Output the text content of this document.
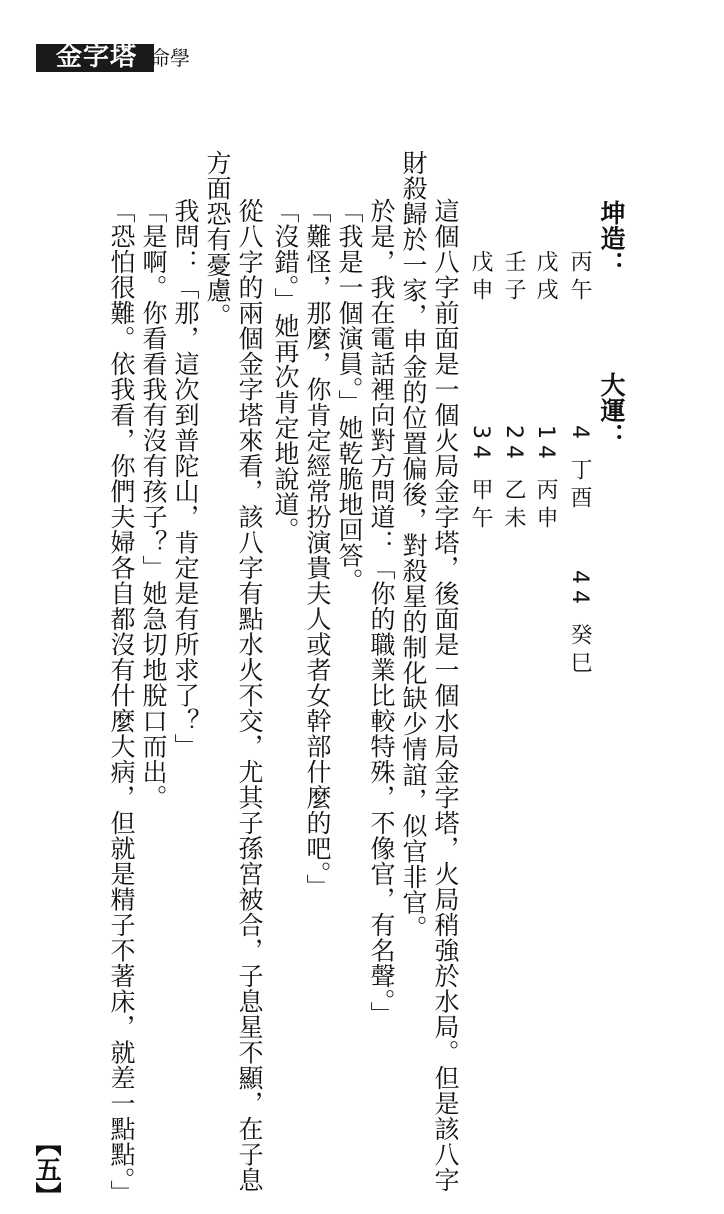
金字塔 命學
坤造：
丙午
戊戌
壬子
戊申
大運：
4 丁酉　　44 癸巳
14 丙申
24 乙未
34 甲午
這個八字前面是一個火局金字塔，後面是一個水局金字塔，火局稍強於水局。但是該八字
財殺歸於一家，申金的位置偏後，對殺星的制化缺少情誼，似官非官。
於是，我在電話裡向對方問道：「你的職業比較特殊，不像官，有名聲。」
「我是一個演員。」她乾脆地回答。
「難怪，那麼，你肯定經常扮演貴夫人或者女幹部什麼的吧。」
「沒錯。」她再次肯定地說道。
從八字的兩個金字塔來看，該八字有點水火不交，尤其子孫宮被合，子息星不顯，在子息
方面恐有憂慮。
我問：「那，這次到普陀山，肯定是有所求了？」
「是啊。你看看我有沒有孩子？」她急切地脫口而出。
「恐怕很難。依我看，你們夫婦各自都沒有什麼大病，但就是精子不著床，就差一點點。」
【五】
